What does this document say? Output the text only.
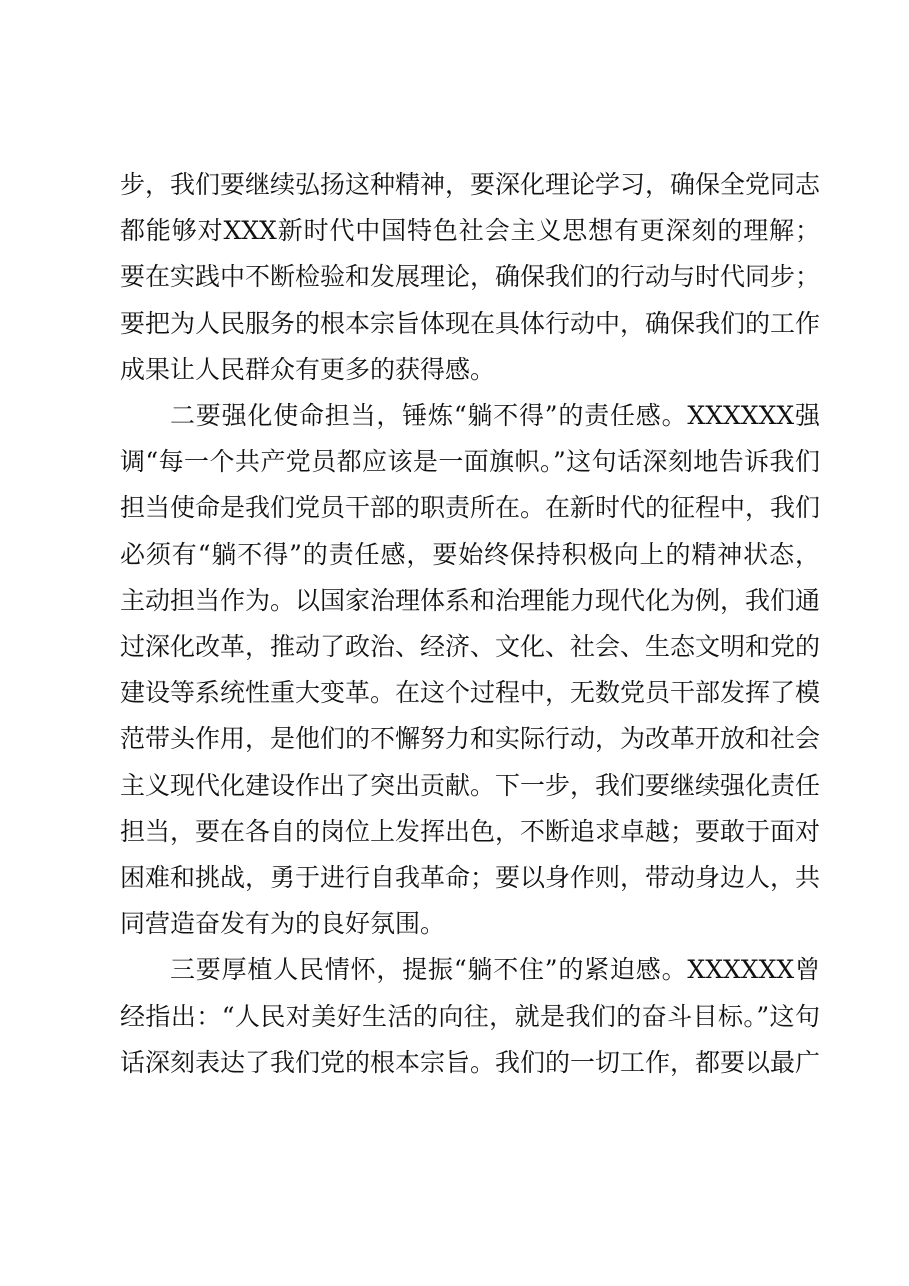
步，我们要继续弘扬这种精神，要深化理论学习，确保全党同志都能够对XXX新时代中国特色社会主义思想有更深刻的理解；要在实践中不断检验和发展理论，确保我们的行动与时代同步；要把为人民服务的根本宗旨体现在具体行动中，确保我们的工作成果让人民群众有更多的获得感。

二要强化使命担当，锤炼“躺不得”的责任感。XXXXXX强调“每一个共产党员都应该是一面旗帜。”这句话深刻地告诉我们担当使命是我们党员干部的职责所在。在新时代的征程中，我们必须有“躺不得”的责任感，要始终保持积极向上的精神状态，主动担当作为。以国家治理体系和治理能力现代化为例，我们通过深化改革，推动了政治、经济、文化、社会、生态文明和党的建设等系统性重大变革。在这个过程中，无数党员干部发挥了模范带头作用，是他们的不懈努力和实际行动，为改革开放和社会主义现代化建设作出了突出贡献。下一步，我们要继续强化责任担当，要在各自的岗位上发挥出色，不断追求卓越；要敢于面对困难和挑战，勇于进行自我革命；要以身作则，带动身边人，共同营造奋发有为的良好氛围。

三要厚植人民情怀，提振“躺不住”的紧迫感。XXXXXX曾经指出：“人民对美好生活的向往，就是我们的奋斗目标。”这句话深刻表达了我们党的根本宗旨。我们的一切工作，都要以最广
